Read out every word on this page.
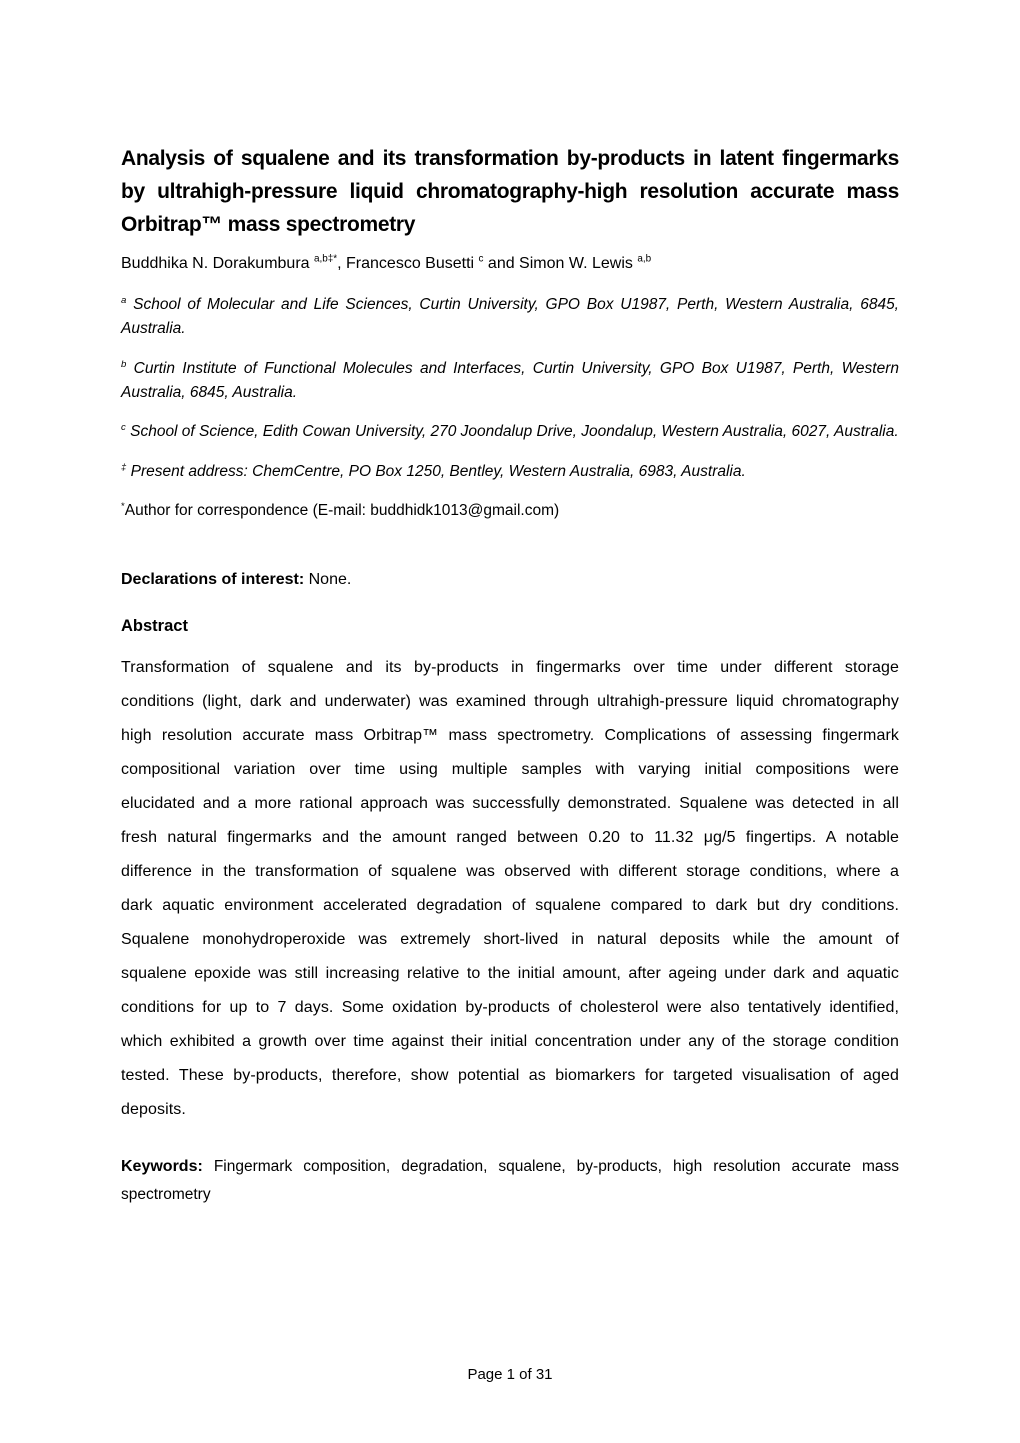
Analysis of squalene and its transformation by-products in latent fingermarks by ultrahigh-pressure liquid chromatography-high resolution accurate mass Orbitrap™ mass spectrometry
Buddhika N. Dorakumbura $^{a,b\ddagger*}$, Francesco Busetti $^c$ and Simon W. Lewis $^{a,b}$

$^a$ School of Molecular and Life Sciences, Curtin University, GPO Box U1987, Perth, Western Australia, 6845, Australia.

$^b$ Curtin Institute of Functional Molecules and Interfaces, Curtin University, GPO Box U1987, Perth, Western Australia, 6845, Australia.

$^c$ School of Science, Edith Cowan University, 270 Joondalup Drive, Joondalup, Western Australia, 6027, Australia.

‡ Present address: ChemCentre, PO Box 1250, Bentley, Western Australia, 6983, Australia.

*Author for correspondence (E-mail: buddhidk1013@gmail.com)

Declarations of interest: None.

Abstract

Transformation of squalene and its by-products in fingermarks over time under different storage conditions (light, dark and underwater) was examined through ultrahigh-pressure liquid chromatography high resolution accurate mass Orbitrap™ mass spectrometry. Complications of assessing fingermark compositional variation over time using multiple samples with varying initial compositions were elucidated and a more rational approach was successfully demonstrated. Squalene was detected in all fresh natural fingermarks and the amount ranged between 0.20 to 11.32 μg/5 fingertips. A notable difference in the transformation of squalene was observed with different storage conditions, where a dark aquatic environment accelerated degradation of squalene compared to dark but dry conditions. Squalene monohydroperoxide was extremely short-lived in natural deposits while the amount of squalene epoxide was still increasing relative to the initial amount, after ageing under dark and aquatic conditions for up to 7 days. Some oxidation by-products of cholesterol were also tentatively identified, which exhibited a growth over time against their initial concentration under any of the storage condition tested. These by-products, therefore, show potential as biomarkers for targeted visualisation of aged deposits.

Keywords: Fingermark composition, degradation, squalene, by-products, high resolution accurate mass spectrometry

Page 1 of 31
